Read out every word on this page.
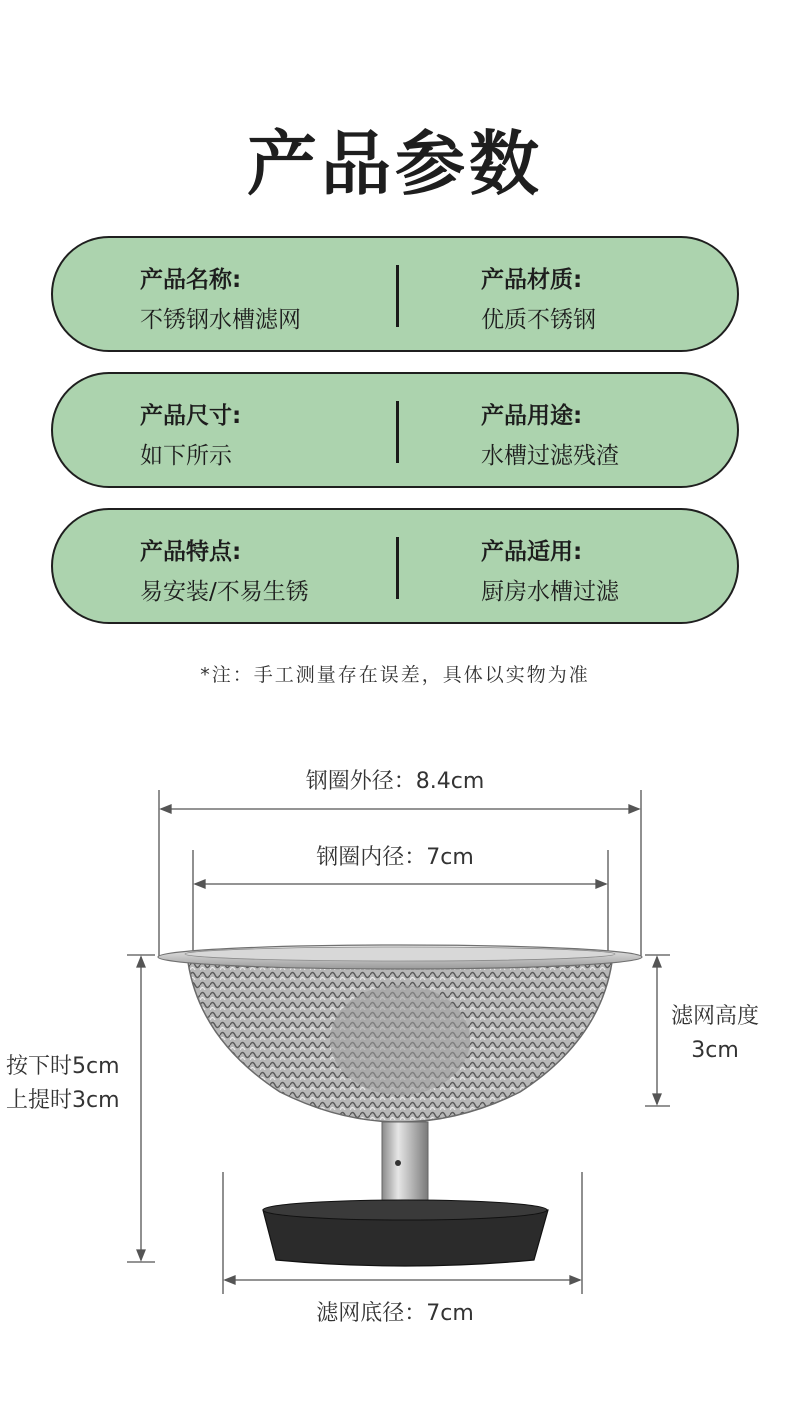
产品参数
产品名称:
不锈钢水槽滤网
产品材质:
优质不锈钢
产品尺寸:
如下所示
产品用途:
水槽过滤残渣
产品特点:
易安装/不易生锈
产品适用:
厨房水槽过滤
*注：手工测量存在误差，具体以实物为准
钢圈外径：8.4cm
钢圈内径：7cm
滤网高度
3cm
按下时5cm
上提时3cm
滤网底径：7cm
